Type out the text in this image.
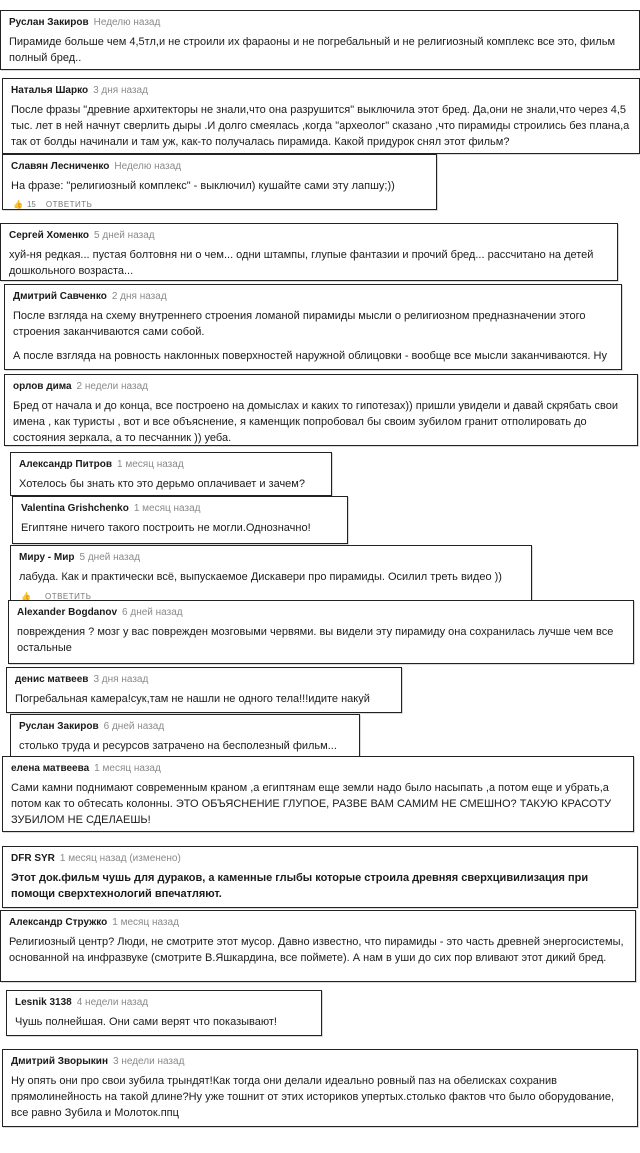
Руслан Закиров Неделю назад
Пирамиде больше чем 4,5тл,и не строили их фараоны и не погребальный и не религиозный комплекс все это, фильм полный бред..
Наталья Шарко 3 дня назад
После фразы "древние архитекторы не знали,что она разрушится" выключила этот бред. Да,они не знали,что через 4,5 тыс. лет в ней начнут сверлить дыры .И долго смеялась ,когда "археолог" сказано ,что пирамиды строились без плана,а так от болды начинали и там уж, как-то получалась пирамида. Какой придурок снял этот фильм?
Славян Лесниченко Неделю назад
На фразе: "религиозный комплекс" - выключил) кушайте сами эту лапшу;))
👍 15 ОТВЕТИТЬ
Сергей Хоменко 5 дней назад
хуй-ня редкая... пустая болтовня ни о чем... одни штампы, глупые фантазии и прочий бред... рассчитано на детей дошкольного возраста...
Дмитрий Савченко 2 дня назад
После взгляда на схему внутреннего строения ломаной пирамиды мысли о религиозном предназначении этого строения заканчиваются сами собой.
А после взгляда на ровность наклонных поверхностей наружной облицовки - вообще все мысли заканчиваются. Ну
орлов дима 2 недели назад
Бред от начала и до конца, все построено на домыслах и каких то гипотезах)) пришли увидели и давай скрябать свои имена , как туристы , вот и все объяснение, я каменщик попробовал бы своим зубилом гранит отполировать до состояния зеркала, а то песчанник )) уеба.
Александр Питров 1 месяц назад
Хотелось бы знать кто это дерьмо оплачивает и зачем?
Valentina Grishchenko 1 месяц назад
Египтяне ничего такого построить не могли.Однозначно!
Миру - Мир 5 дней назад
лабуда. Как и практически всё, выпускаемое Дискавери про пирамиды. Осилил треть видео ))
👍 ОТВЕТИТЬ
Alexander Bogdanov 6 дней назад
повреждения ? мозг у вас поврежден мозговыми червями. вы видели эту пирамиду она сохранилась лучше чем все остальные
денис матвеев 3 дня назад
Погребальная камера!сук,там не нашли не одного тела!!!идите накуй
Руслан Закиров 6 дней назад
столько труда и ресурсов затрачено на бесполезный фильм...
елена матвеева 1 месяц назад
Сами камни поднимают современным краном ,а египтянам еще земли надо было насыпать ,а потом еще и убрать,а потом как то обтесать колонны. ЭТО ОБЪЯСНЕНИЕ ГЛУПОЕ, РАЗВЕ ВАМ САМИМ НЕ СМЕШНО? ТАКУЮ КРАСОТУ ЗУБИЛОМ НЕ СДЕЛАЕШЬ!
DFR SYR 1 месяц назад (изменено)
Этот док.фильм чушь для дураков, а каменные глыбы которые строила древняя сверхцивилизация при помощи сверхтехнологий впечатляют.
Александр Стружко 1 месяц назад
Религиозный центр? Люди, не смотрите этот мусор. Давно известно, что пирамиды - это часть древней энергосистемы, основанной на инфразвуке (смотрите В.Яшкардина, все поймете). А нам в уши до сих пор вливают этот дикий бред.
Lesnik 3138 4 недели назад
Чушь полнейшая. Они сами верят что показывают!
Дмитрий Зворыкин 3 недели назад
Ну опять они про свои зубила трындят!Как тогда они делали идеально ровный паз на обелисках сохранив прямолинейность на такой длине?Ну уже тошнит от этих историков упертых.столько фактов что было оборудование, все равно Зубила и Молоток.ппц
